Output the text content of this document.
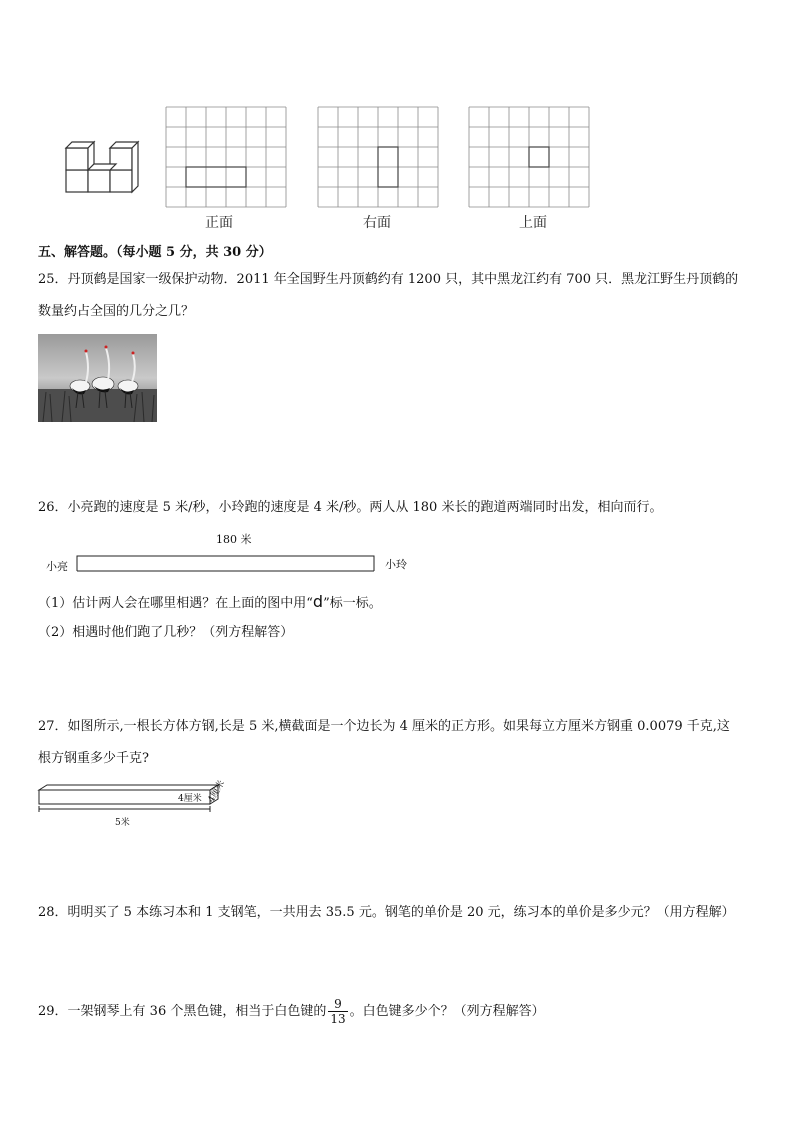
正面	右面	上面
五、解答题。（每小题 5 分，共 30 分）
25．丹顶鹤是国家一级保护动物．2011 年全国野生丹顶鹤约有 1200 只，其中黑龙江约有 700 只．黑龙江野生丹顶鹤的
数量约占全国的几分之几？
26．小亮跑的速度是 5 米/秒，小玲跑的速度是 4 米/秒。两人从 180 米长的跑道两端同时出发，相向而行。
180 米
小亮	小玲
（1）估计两人会在哪里相遇？在上面的图中用“d”标一标。
（2）相遇时他们跑了几秒？（列方程解答）
27．如图所示,一根长方体方钢,长是 5 米,横截面是一个边长为 4 厘米的正方形。如果每立方厘米方钢重 0.0079 千克,这
根方钢重多少千克?
4厘米 4厘米
5米
28．明明买了 5 本练习本和 1 支钢笔，一共用去 35.5 元。钢笔的单价是 20 元，练习本的单价是多少元？（用方程解）
29．一架钢琴上有 36 个黑色键，相当于白色键的 $\frac{9}{13}$ 。白色键多少个？（列方程解答）
